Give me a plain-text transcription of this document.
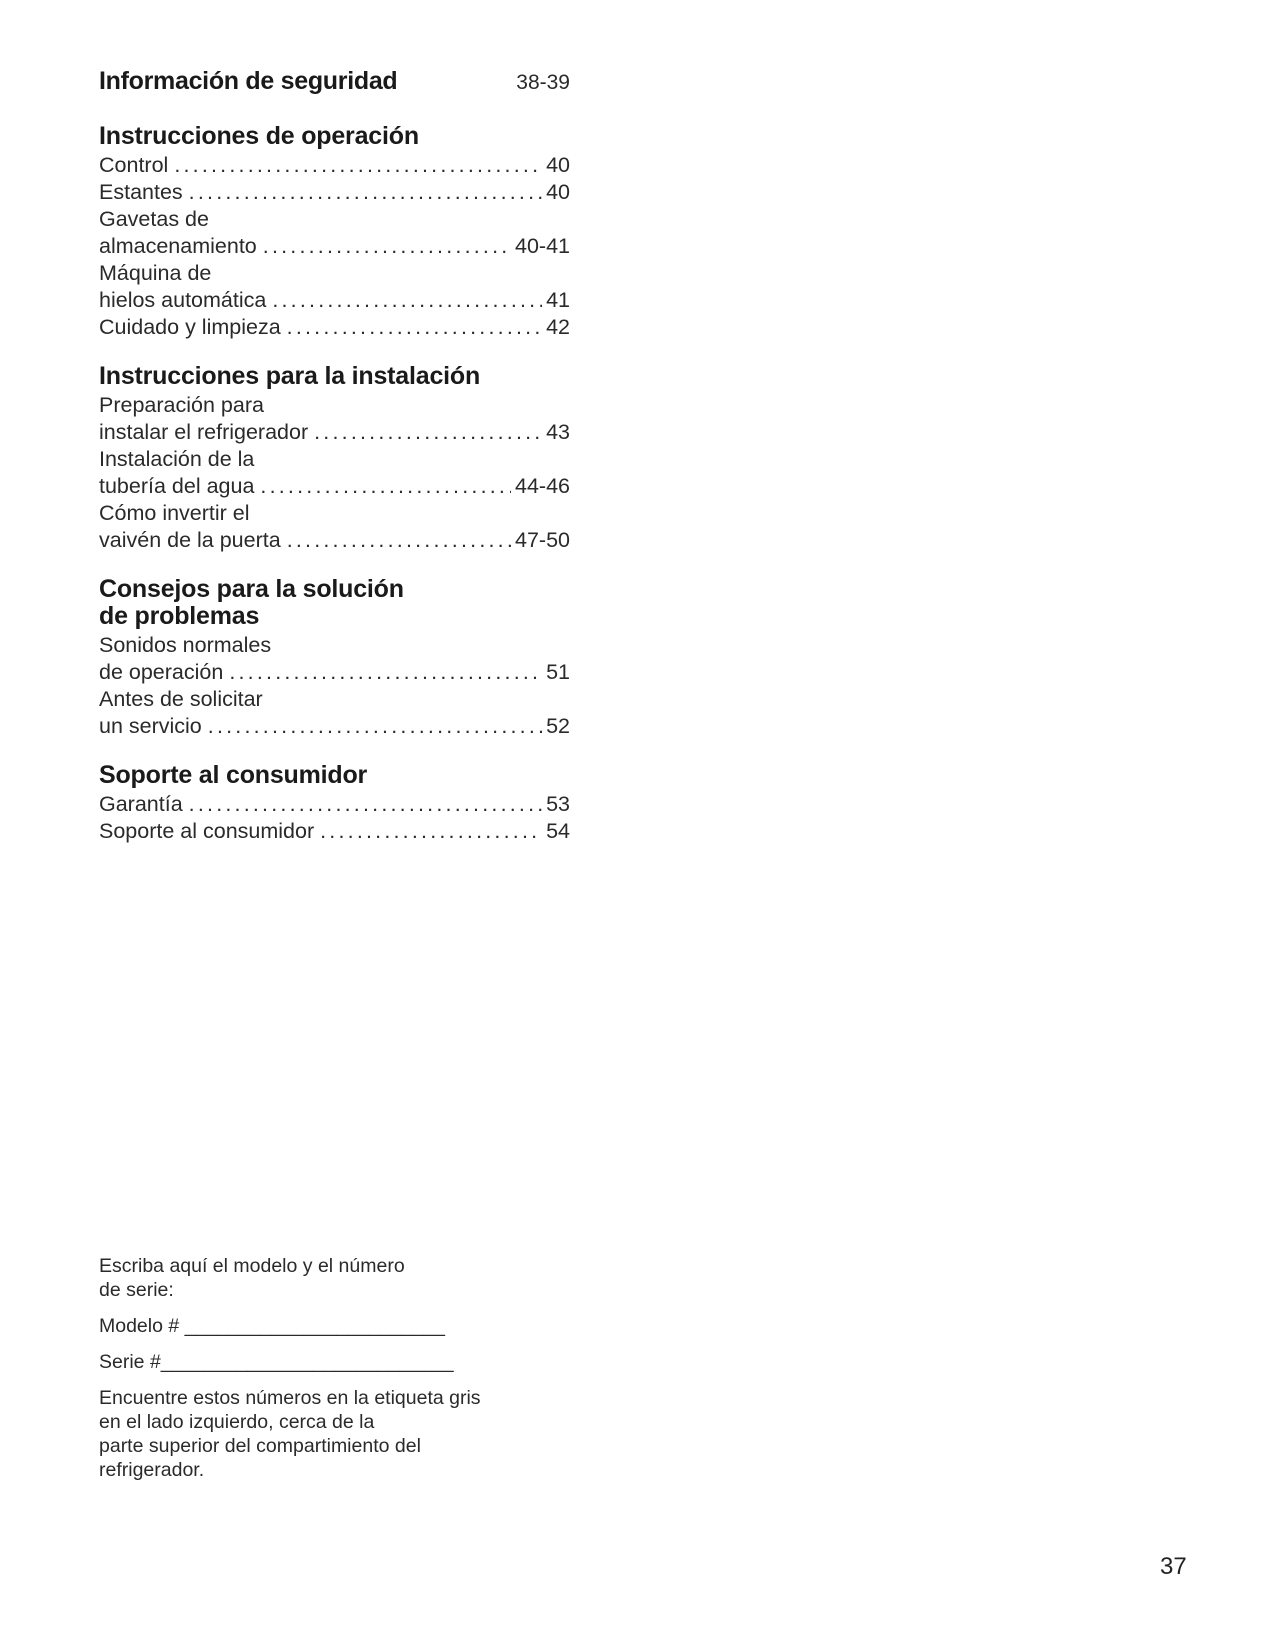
Información de seguridad	38-39
Instrucciones de operación
Control .....	40
Estantes .....	40
Gavetas de
almacenamiento .....	40-41
Máquina de
hielos automática .....	41
Cuidado y limpieza .....	42
Instrucciones para la instalación
Preparación para
instalar el refrigerador .....	43
Instalación de la
tubería del agua .....	44-46
Cómo invertir el
vaivén de la puerta .....	47-50
Consejos para la solución
de problemas
Sonidos normales
de operación .....	51
Antes de solicitar
un servicio .....	52
Soporte al consumidor
Garantía .....	53
Soporte al consumidor .....	54
Escriba aquí el modelo y el número
de serie:
Modelo # ________________________
Serie #___________________________
Encuentre estos números en la etiqueta gris
en el lado izquierdo, cerca de la
parte superior del compartimiento del
refrigerador.
37
